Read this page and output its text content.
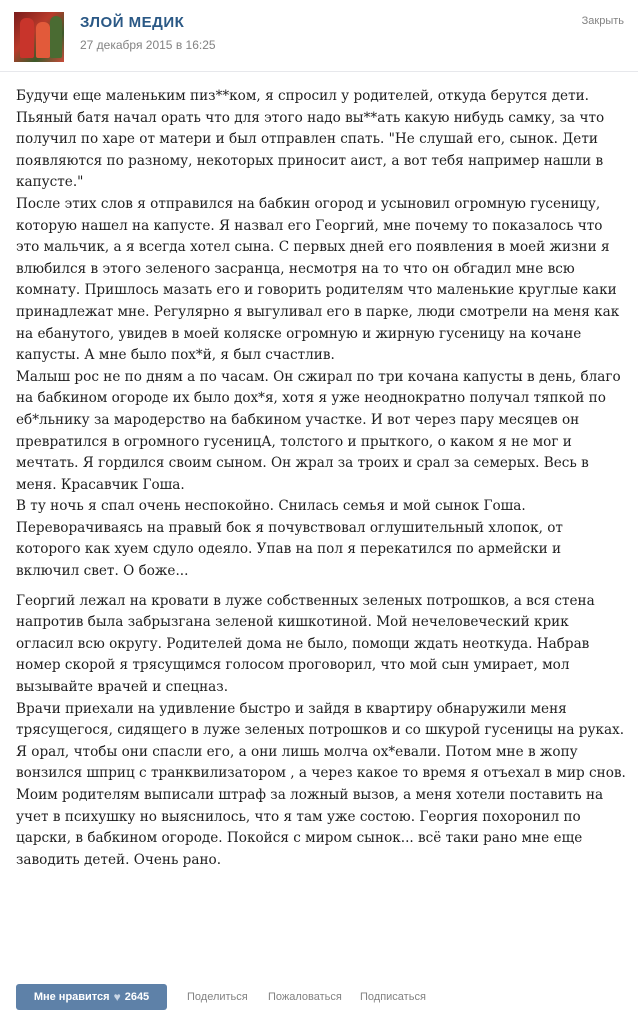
ЗЛОЙ МЕДИК
27 декабря 2015 в 16:25
Закрыть

Будучи еще маленьким пиз**ком, я спросил у родителей, откуда берутся дети. Пьяный батя начал орать что для этого надо вы**ать какую нибудь самку, за что получил по харе от матери и был отправлен спать. "Не слушай его, сынок. Дети появляются по разному, некоторых приносит аист, а вот тебя например нашли в капусте."

После этих слов я отправился на бабкин огород и усыновил огромную гусеницу, которую нашел на капусте. Я назвал его Георгий, мне почему то показалось что это мальчик, а я всегда хотел сына. С первых дней его появления в моей жизни я влюбился в этого зеленого засранца, несмотря на то что он обгадил мне всю комнату. Пришлось мазать его и говорить родителям что маленькие круглые каки принадлежат мне. Регулярно я выгуливал его в парке, люди смотрели на меня как на ебанутого, увидев в моей коляске огромную и жирную гусеницу на кочане капусты. А мне было пох*й, я был счастлив.

Малыш рос не по дням а по часам. Он сжирал по три кочана капусты в день, благо на бабкином огороде их было дох*я, хотя я уже неоднократно получал тяпкой по еб*льнику за мародерство на бабкином участке. И вот через пару месяцев он превратился в огромного гусеницА, толстого и прыткого, о каком я не мог и мечтать. Я гордился своим сыном. Он жрал за троих и срал за семерых. Весь в меня. Красавчик Гоша.

В ту ночь я спал очень неспокойно. Снилась семья и мой сынок Гоша. Переворачиваясь на правый бок я почувствовал оглушительный хлопок, от которого как хуем сдуло одеяло. Упав на пол я перекатился по армейски и включил свет. О боже...

Георгий лежал на кровати в луже собственных зеленых потрошков, а вся стена напротив была забрызгана зеленой кишкотиной. Мой нечеловеческий крик огласил всю округу. Родителей дома не было, помощи ждать неоткуда. Набрав номер скорой я трясущимся голосом проговорил, что мой сын умирает, мол вызывайте врачей и спецназ.

Врачи приехали на удивление быстро и зайдя в квартиру обнаружили меня трясущегося, сидящего в луже зеленых потрошков и со шкурой гусеницы на руках. Я орал, чтобы они спасли его, а они лишь молча ох*евали. Потом мне в жопу вонзился шприц с транквилизатором , а через какое то время я отъехал в мир снов.

Моим родителям выписали штраф за ложный вызов, а меня хотели поставить на учет в психушку но выяснилось, что я там уже состою. Георгия похоронил по царски, в бабкином огороде. Покойся с миром сынок... всё таки рано мне еще заводить детей. Очень рано.

Мне нравится ♥ 2645	Поделиться Пожаловаться Подписаться
